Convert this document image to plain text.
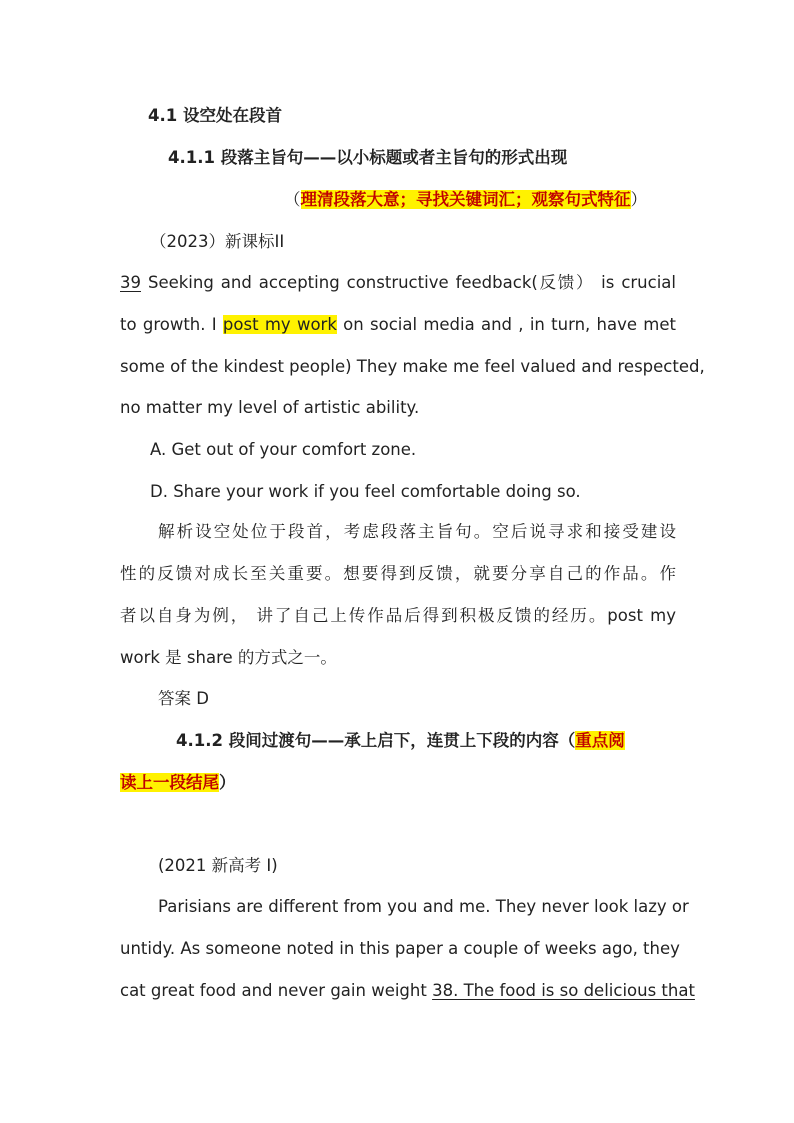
4.1 设空处在段首
4.1.1 段落主旨句——以小标题或者主旨句的形式出现
（理清段落大意；寻找关键词汇；观察句式特征）
（2023）新课标II
39 Seeking and accepting constructive feedback(反馈） is crucial
to growth. I post my work on social media and , in turn, have met
some of the kindest people) They make me feel valued and respected,
no matter my level of artistic ability.
A. Get out of your comfort zone.
D. Share your work if you feel comfortable doing so.
解析设空处位于段首，考虑段落主旨句。空后说寻求和接受建设
性的反馈对成长至关重要。想要得到反馈，就要分享自己的作品。作
者以自身为例， 讲了自己上传作品后得到积极反馈的经历。post my
work 是 share 的方式之一。
答案 D
4.1.2 段间过渡句——承上启下，连贯上下段的内容（重点阅
读上一段结尾）
(2021 新高考 I)
Parisians are different from you and me. They never look lazy or
untidy. As someone noted in this paper a couple of weeks ago, they
cat great food and never gain weight 38. The food is so delicious that
